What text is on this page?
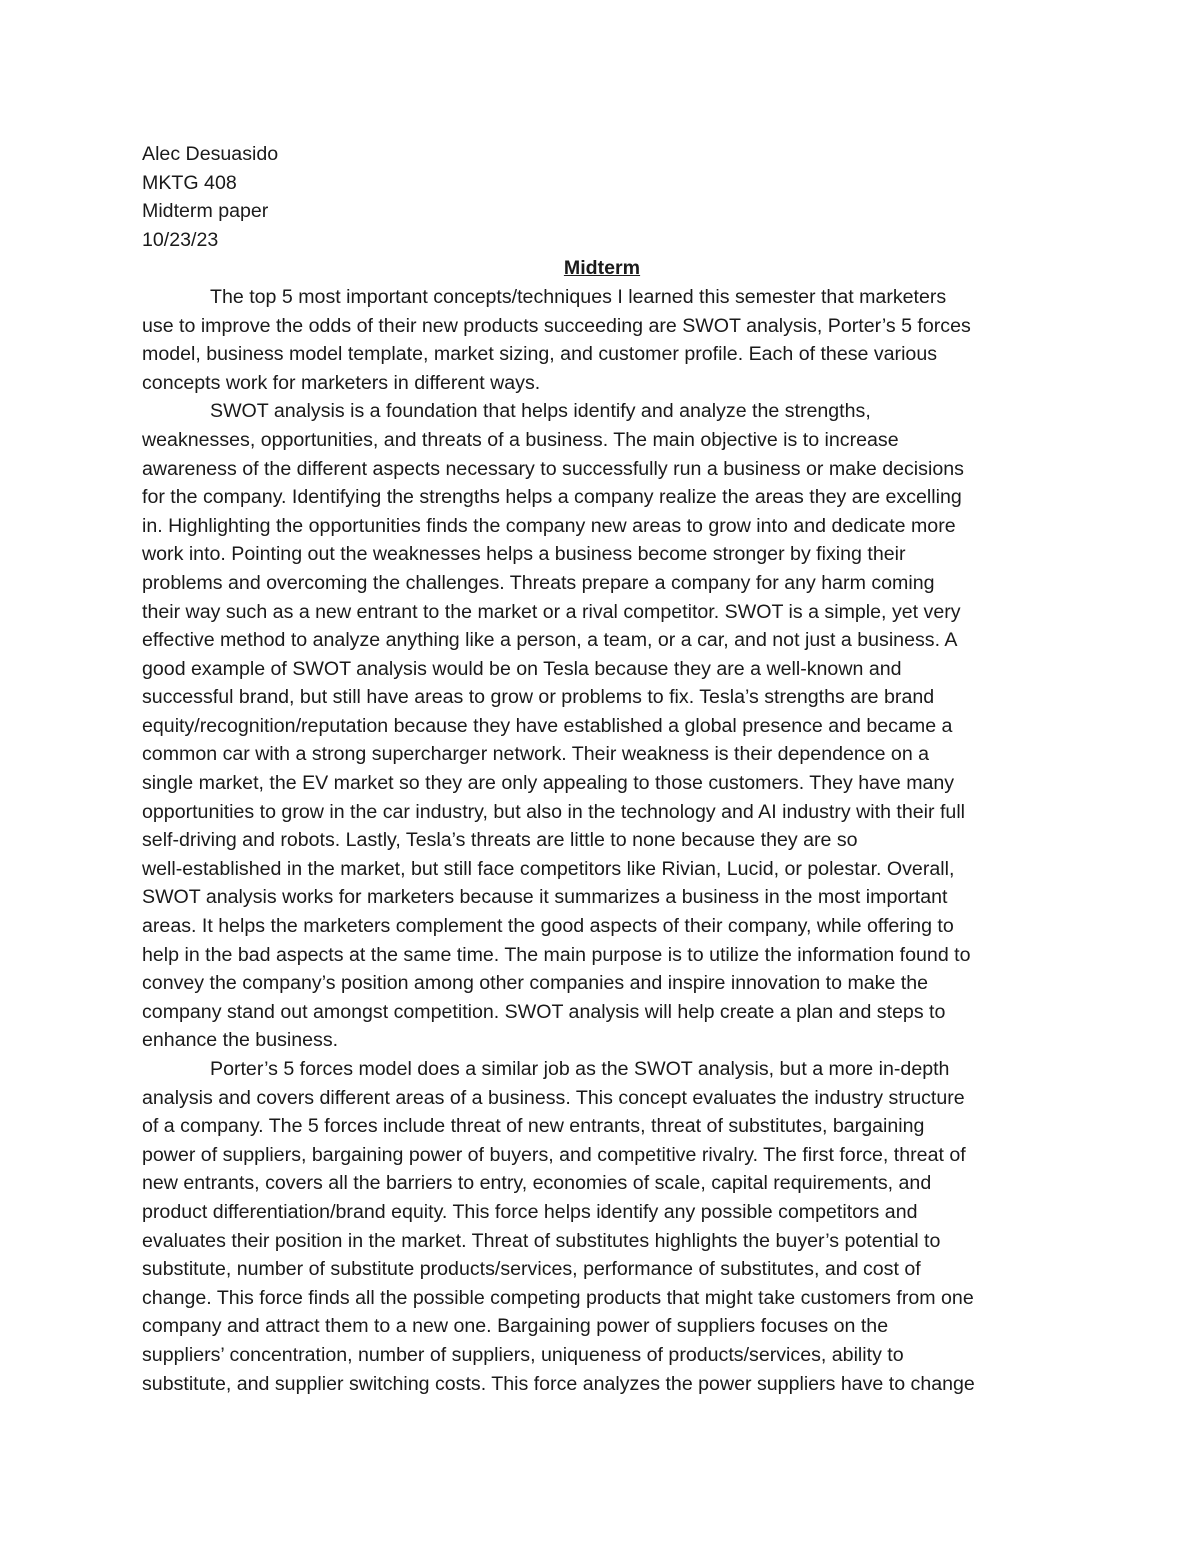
Alec Desuasido

MKTG 408

Midterm paper

10/23/23

Midterm

The top 5 most important concepts/techniques I learned this semester that marketers
use to improve the odds of their new products succeeding are SWOT analysis, Porter’s 5 forces
model, business model template, market sizing, and customer profile. Each of these various
concepts work for marketers in different ways.
SWOT analysis is a foundation that helps identify and analyze the strengths,
weaknesses, opportunities, and threats of a business. The main objective is to increase
awareness of the different aspects necessary to successfully run a business or make decisions
for the company. Identifying the strengths helps a company realize the areas they are excelling
in. Highlighting the opportunities finds the company new areas to grow into and dedicate more
work into. Pointing out the weaknesses helps a business become stronger by fixing their
problems and overcoming the challenges. Threats prepare a company for any harm coming
their way such as a new entrant to the market or a rival competitor. SWOT is a simple, yet very
effective method to analyze anything like a person, a team, or a car, and not just a business. A
good example of SWOT analysis would be on Tesla because they are a well-known and
successful brand, but still have areas to grow or problems to fix. Tesla’s strengths are brand
equity/recognition/reputation because they have established a global presence and became a
common car with a strong supercharger network. Their weakness is their dependence on a
single market, the EV market so they are only appealing to those customers. They have many
opportunities to grow in the car industry, but also in the technology and AI industry with their full
self-driving and robots. Lastly, Tesla’s threats are little to none because they are so
well-established in the market, but still face competitors like Rivian, Lucid, or polestar. Overall,
SWOT analysis works for marketers because it summarizes a business in the most important
areas. It helps the marketers complement the good aspects of their company, while offering to
help in the bad aspects at the same time. The main purpose is to utilize the information found to
convey the company’s position among other companies and inspire innovation to make the
company stand out amongst competition. SWOT analysis will help create a plan and steps to
enhance the business.
Porter’s 5 forces model does a similar job as the SWOT analysis, but a more in-depth
analysis and covers different areas of a business. This concept evaluates the industry structure
of a company. The 5 forces include threat of new entrants, threat of substitutes, bargaining
power of suppliers, bargaining power of buyers, and competitive rivalry. The first force, threat of
new entrants, covers all the barriers to entry, economies of scale, capital requirements, and
product differentiation/brand equity. This force helps identify any possible competitors and
evaluates their position in the market. Threat of substitutes highlights the buyer’s potential to
substitute, number of substitute products/services, performance of substitutes, and cost of
change. This force finds all the possible competing products that might take customers from one
company and attract them to a new one. Bargaining power of suppliers focuses on the
suppliers’ concentration, number of suppliers, uniqueness of products/services, ability to
substitute, and supplier switching costs. This force analyzes the power suppliers have to change
